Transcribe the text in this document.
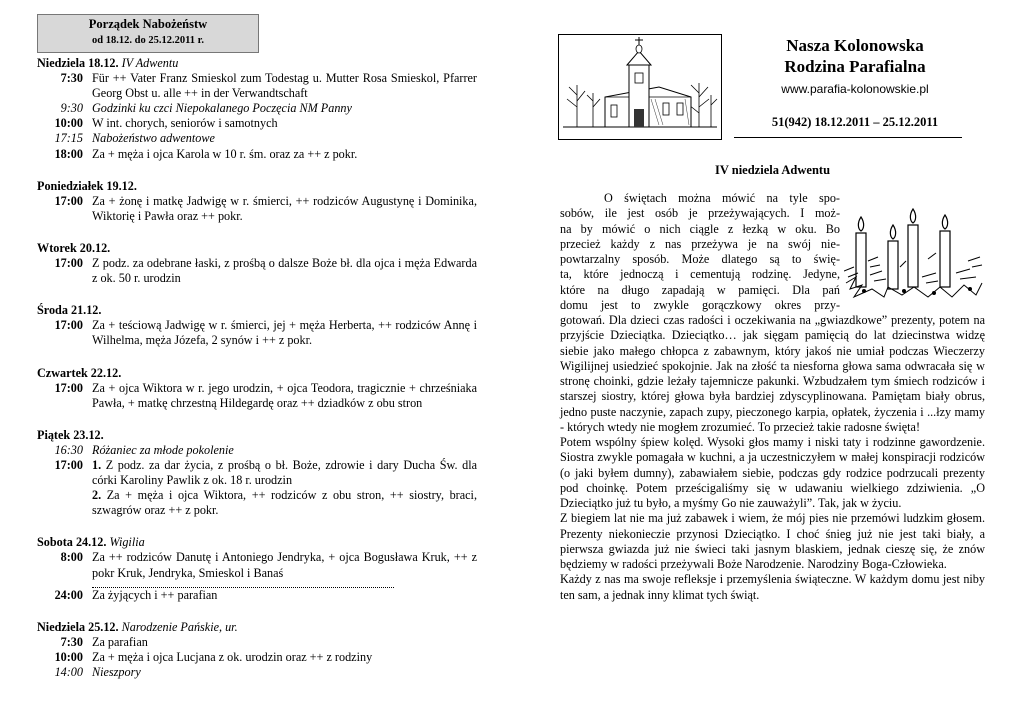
Porządek Nabożeństw
od 18.12. do 25.12.2011 r.
Niedziela 18.12. IV Adwentu
7:30 Für ++ Vater Franz Smieskol zum Todestag u. Mutter Rosa Smieskol, Pfarrer Georg Obst u. alle ++ in der Verwandtschaft
9:30 Godzinki ku czci Niepokalanego Poczęcia NM Panny
10:00 W int. chorych, seniorów i samotnych
17:15 Nabożeństwo adwentowe
18:00 Za + męża i ojca Karola w 10 r. śm. oraz za ++ z pokr.
Poniedziałek 19.12.
17:00 Za + żonę i matkę Jadwigę w r. śmierci, ++ rodziców Augustynę i Dominika, Wiktorię i Pawła oraz ++ pokr.
Wtorek 20.12.
17:00 Z podz. za odebrane łaski, z prośbą o dalsze Boże bł. dla ojca i męża Edwarda z ok. 50 r. urodzin
Środa 21.12.
17:00 Za + teściową Jadwigę w r. śmierci, jej + męża Herberta, ++ rodziców Annę i Wilhelma, męża Józefa, 2 synów i ++ z pokr.
Czwartek 22.12.
17:00 Za + ojca Wiktora w r. jego urodzin, + ojca Teodora, tragicznie + chrześniaka Pawła, + matkę chrzestną Hildegardę oraz ++ dziadków z obu stron
Piątek 23.12.
16:30 Różaniec za młode pokolenie
17:00 1. Z podz. za dar życia, z prośbą o bł. Boże, zdrowie i dary Ducha Św. dla córki Karoliny Pawlik z ok. 18 r. urodzin
2. Za + męża i ojca Wiktora, ++ rodziców z obu stron, ++ siostry, braci, szwagrów oraz ++ z pokr.
Sobota 24.12. Wigilia
8:00 Za ++ rodziców Danutę i Antoniego Jendryka, + ojca Bogusława Kruk, ++ z pokr Kruk, Jendryka, Smieskol i Banaś
24:00 Za żyjących i ++ parafian
Niedziela 25.12. Narodzenie Pańskie, ur.
7:30 Za parafian
10:00 Za + męża i ojca Lucjana z ok. urodzin oraz ++ z rodziny
14:00 Nieszpory
Nasza Kolonowska
Rodzina Parafialna
www.parafia-kolonowskie.pl
51(942) 18.12.2011 – 25.12.2011
IV niedziela Adwentu
O świętach można mówić na tyle spo-
sobów, ile jest osób je przeżywających. I moż-
na by mówić o nich ciągle z łezką w oku. Bo
przecież każdy z nas przeżywa je na swój nie-
powtarzalny sposób. Może dlatego są to świę-
ta, które jednoczą i cementują rodzinę. Jedyne,
które na długo zapadają w pamięci. Dla pań
domu jest to zwykle gorączkowy okres przy-

gotowań. Dla dzieci czas radości i oczekiwania na „gwiazdkowe” prezenty, potem na przyjście Dzieciątka. Dzieciątko… jak sięgam pamięcią do lat dziecinstwa widzę siebie jako małego chłopca z zabawnym, który jakoś nie umiał podczas Wieczerzy Wigilijnej usiedzieć spokojnie. Jak na złość ta niesforna głowa sama odwracała się w stronę choinki, gdzie leżały tajemnicze pakunki. Wzbudzałem tym śmiech rodziców i starszej siostry, której głowa była bardziej zdyscyplinowana. Pamiętam biały obrus, jedno puste naczynie, zapach zupy, pieczonego karpia, opłatek, życzenia i ...łzy mamy - których wtedy nie mogłem zrozumieć. To przecież takie radosne święta!

Potem wspólny śpiew kolęd. Wysoki głos mamy i niski taty i rodzinne gawordzenie. Siostra zwykle pomagała w kuchni, a ja uczestniczyłem w małej konspiracji rodziców (o jaki byłem dumny), zabawiałem siebie, podczas gdy rodzice podrzucali prezenty pod choinkę. Potem prześcigaliśmy się w udawaniu wielkiego zdziwienia. „O Dzieciątko już tu było, a myśmy Go nie zauważyli”. Tak, jak w życiu.

Z biegiem lat nie ma już zabawek i wiem, że mój pies nie przemówi ludzkim głosem. Prezenty niekonieczie przynosi Dzieciątko. I choć śnieg już nie jest taki biały, a pierwsza gwiazda już nie świeci taki jasnym blaskiem, jednak cieszę się, że znów będziemy w radości przeżywali Boże Narodzenie. Narodziny Boga-Człowieka.

Każdy z nas ma swoje refleksje i przemyślenia świąteczne. W każdym domu jest niby ten sam, a jednak inny klimat tych świąt.
